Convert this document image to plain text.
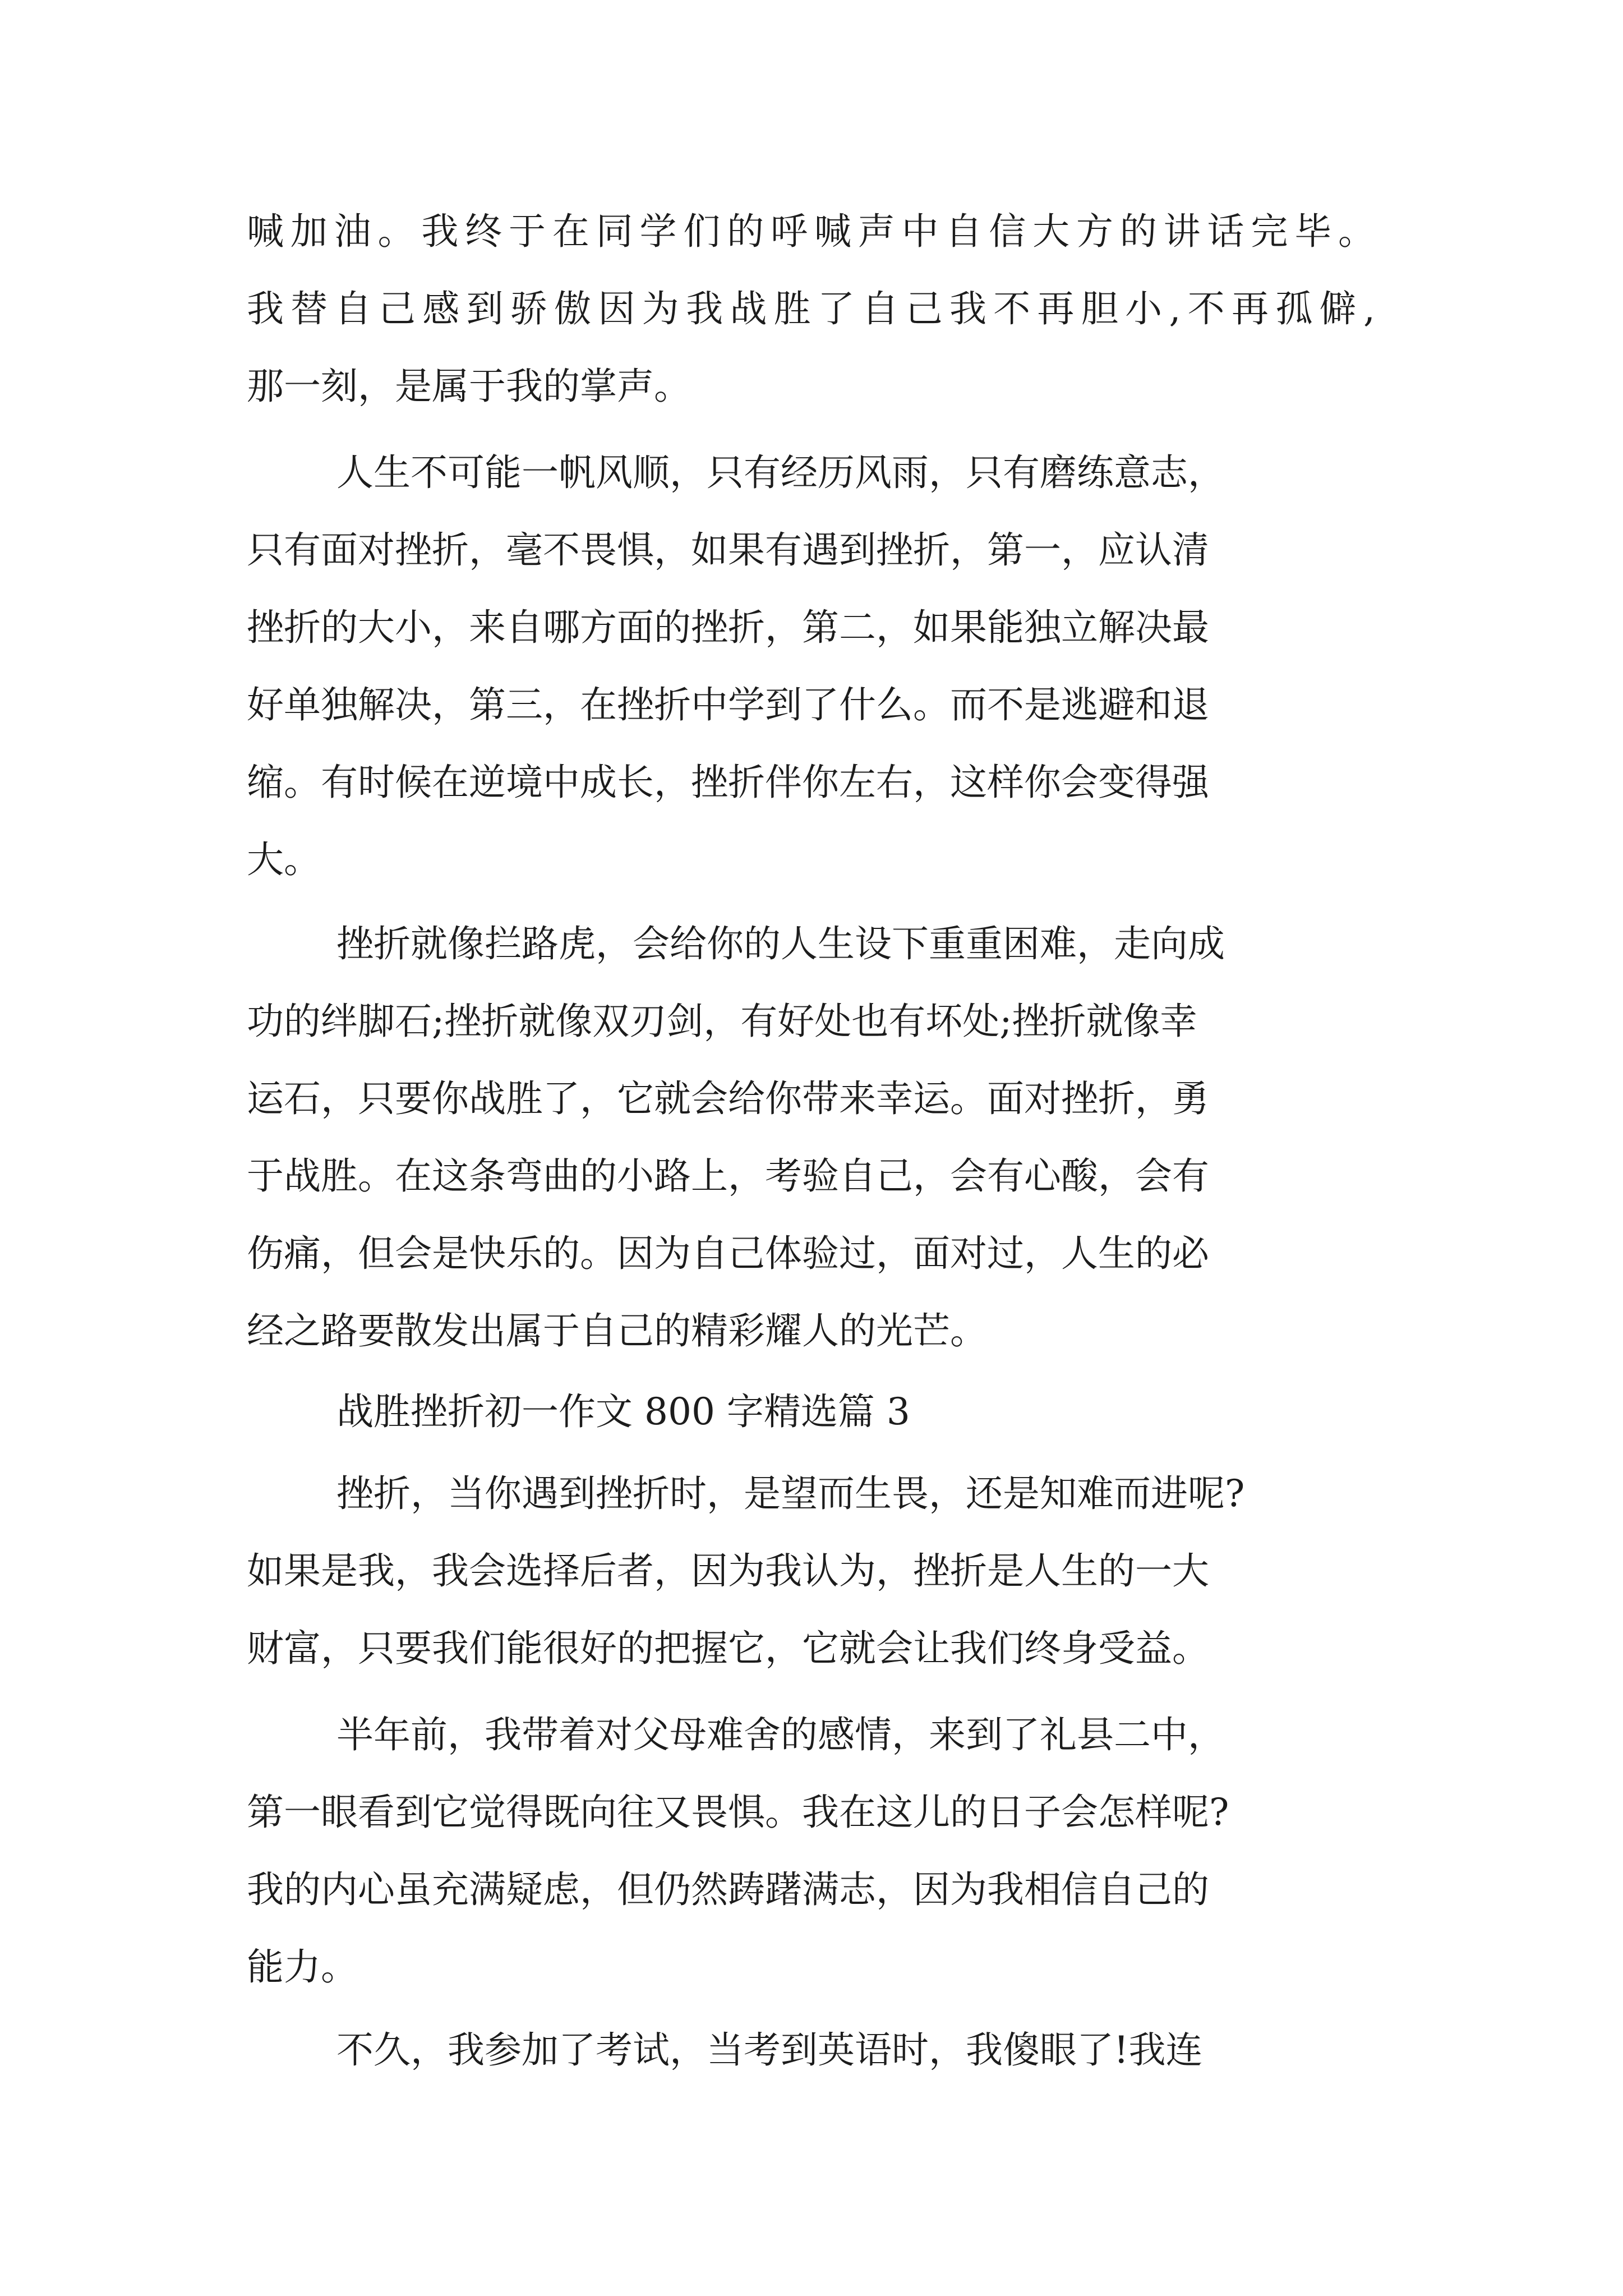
喊加油。我终于在同学们的呼喊声中自信大方的讲话完毕。
我替自己感到骄傲因为我战胜了自己我不再胆小,不再孤僻,
那一刻，是属于我的掌声。
人生不可能一帆风顺，只有经历风雨，只有磨练意志，
只有面对挫折，毫不畏惧，如果有遇到挫折，第一，应认清
挫折的大小，来自哪方面的挫折，第二，如果能独立解决最
好单独解决，第三，在挫折中学到了什么。而不是逃避和退
缩。有时候在逆境中成长，挫折伴你左右，这样你会变得强
大。
挫折就像拦路虎，会给你的人生设下重重困难，走向成
功的绊脚石;挫折就像双刃剑，有好处也有坏处;挫折就像幸
运石，只要你战胜了，它就会给你带来幸运。面对挫折，勇
于战胜。在这条弯曲的小路上，考验自己，会有心酸，会有
伤痛，但会是快乐的。因为自己体验过，面对过，人生的必
经之路要散发出属于自己的精彩耀人的光芒。
战胜挫折初一作文 800 字精选篇 3
挫折，当你遇到挫折时，是望而生畏，还是知难而进呢?
如果是我，我会选择后者，因为我认为，挫折是人生的一大
财富，只要我们能很好的把握它，它就会让我们终身受益。
半年前，我带着对父母难舍的感情，来到了礼县二中，
第一眼看到它觉得既向往又畏惧。我在这儿的日子会怎样呢?
我的内心虽充满疑虑，但仍然踌躇满志，因为我相信自己的
能力。
不久，我参加了考试，当考到英语时，我傻眼了!我连
